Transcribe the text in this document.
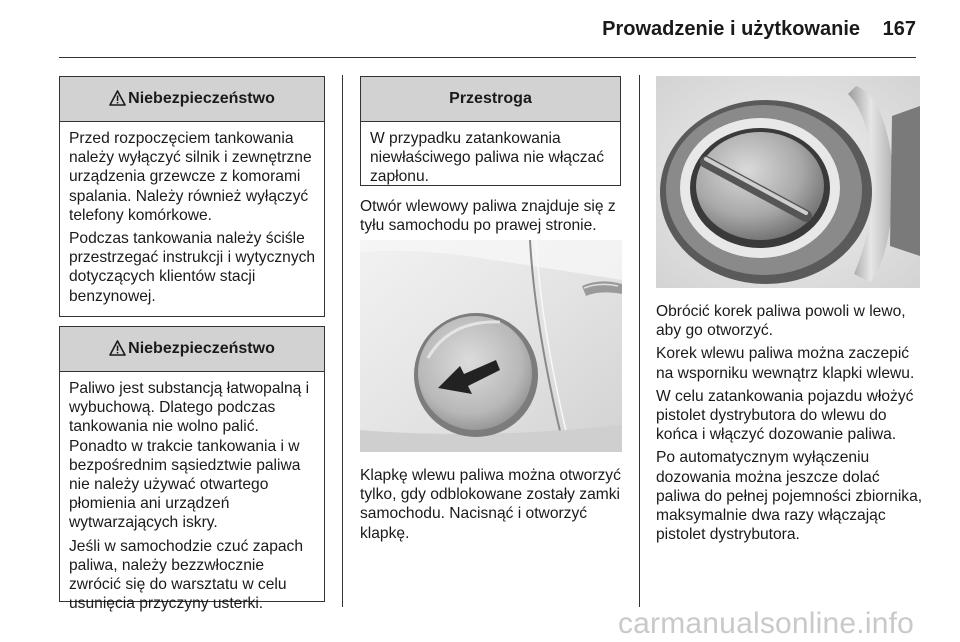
Prowadzenie i użytkowanie 167
Niebezpieczeństwo

Przed rozpoczęciem tankowania należy wyłączyć silnik i zewnętrzne urządzenia grzewcze z komorami spalania. Należy również wyłączyć telefony komórkowe.

Podczas tankowania należy ściśle przestrzegać instrukcji i wytycznych dotyczących klientów stacji benzynowej.

Niebezpieczeństwo

Paliwo jest substancją łatwopalną i wybuchową. Dlatego podczas tankowania nie wolno palić. Ponadto w trakcie tankowania i w bezpośrednim sąsiedztwie paliwa nie należy używać otwartego płomienia ani urządzeń wytwarzających iskry.

Jeśli w samochodzie czuć zapach paliwa, należy bezzwłocznie zwrócić się do warsztatu w celu usunięcia przyczyny usterki.

Przestroga

W przypadku zatankowania niewłaściwego paliwa nie włączać zapłonu.

Otwór wlewowy paliwa znajduje się z tyłu samochodu po prawej stronie.

Klapkę wlewu paliwa można otworzyć tylko, gdy odblokowane zostały zamki samochodu. Nacisnąć i otworzyć klapkę.

Obrócić korek paliwa powoli w lewo, aby go otworzyć.

Korek wlewu paliwa można zaczepić na wsporniku wewnątrz klapki wlewu.

W celu zatankowania pojazdu włożyć pistolet dystrybutora do wlewu do końca i włączyć dozowanie paliwa.

Po automatycznym wyłączeniu dozowania można jeszcze dolać paliwa do pełnej pojemności zbiornika, maksymalnie dwa razy włączając pistolet dystrybutora.

carmanualsonline.info
